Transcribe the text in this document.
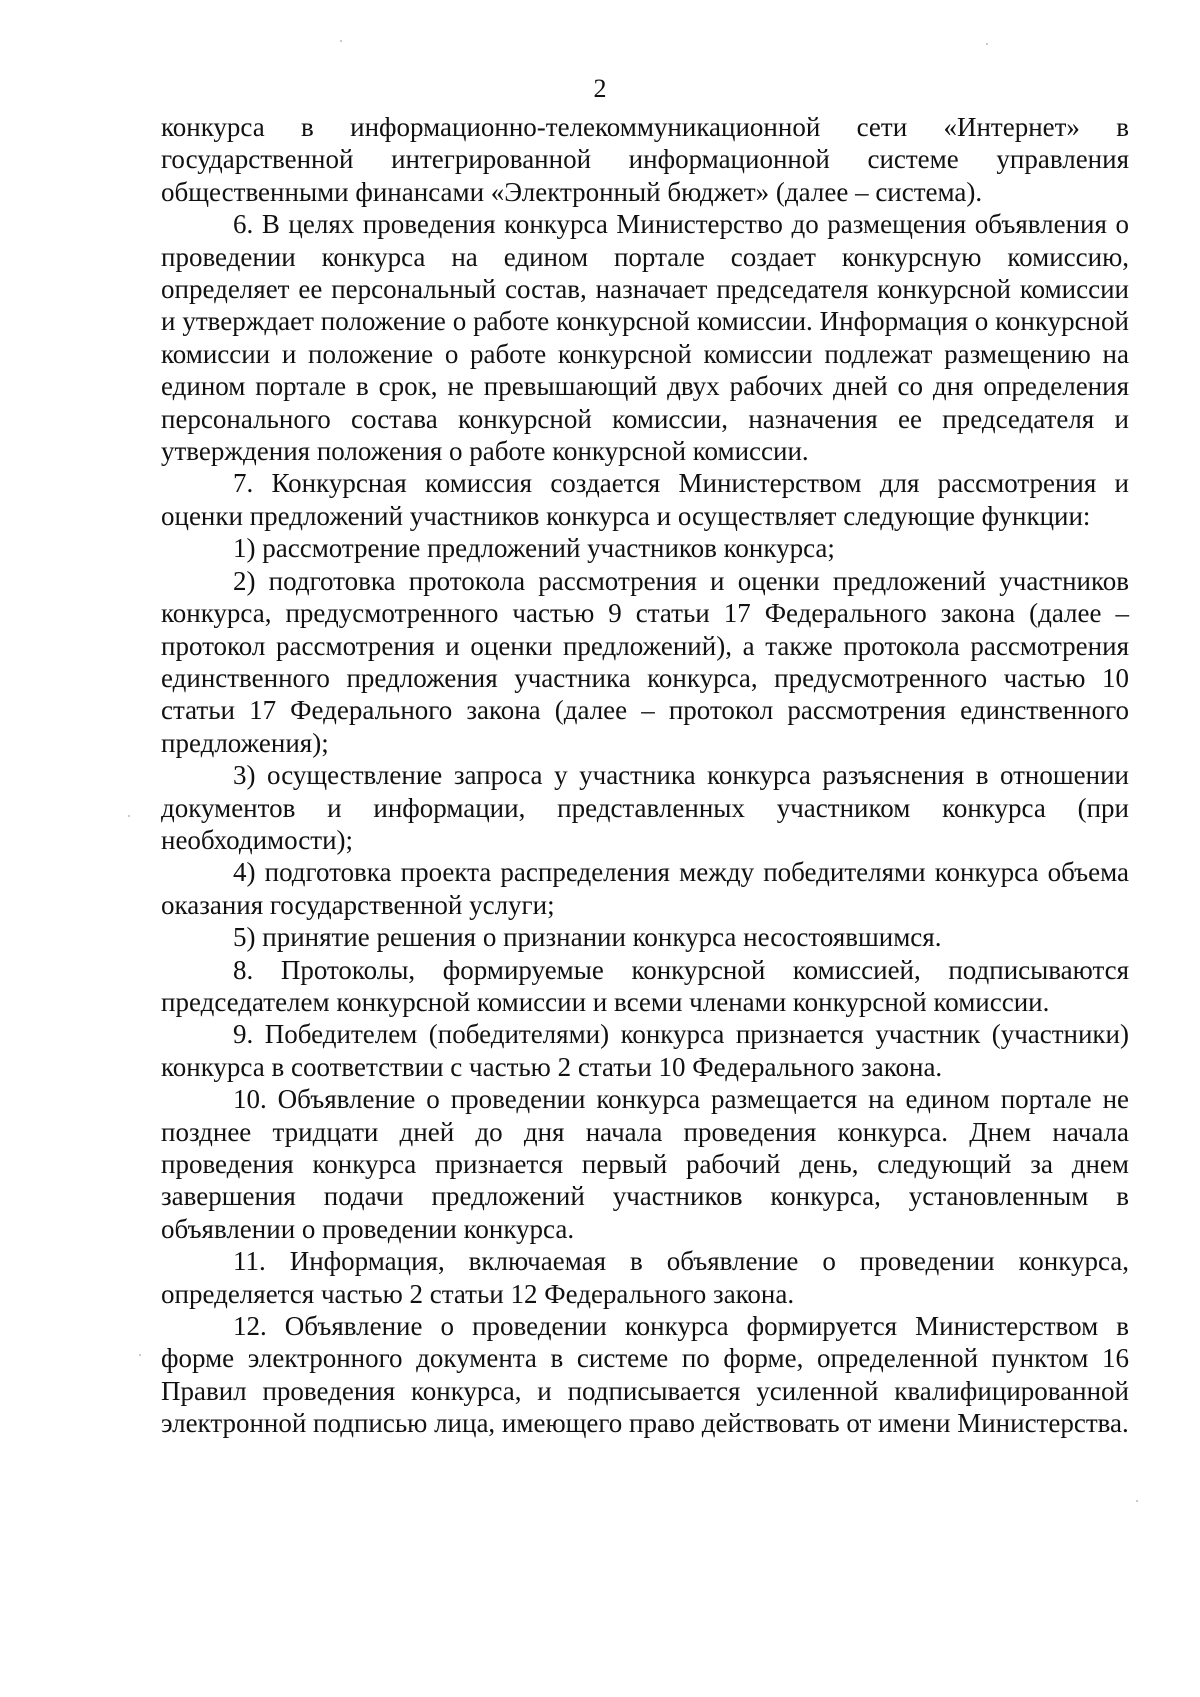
2

конкурса в информационно-телекоммуникационной сети «Интернет» в государственной интегрированной информационной системе управления общественными финансами «Электронный бюджет» (далее – система).

6. В целях проведения конкурса Министерство до размещения объявления о проведении конкурса на едином портале создает конкурсную комиссию, определяет ее персональный состав, назначает председателя конкурсной комиссии и утверждает положение о работе конкурсной комиссии. Информация о конкурсной комиссии и положение о работе конкурсной комиссии подлежат размещению на едином портале в срок, не превышающий двух рабочих дней со дня определения персонального состава конкурсной комиссии, назначения ее председателя и утверждения положения о работе конкурсной комиссии.

7. Конкурсная комиссия создается Министерством для рассмотрения и оценки предложений участников конкурса и осуществляет следующие функции:

1) рассмотрение предложений участников конкурса;

2) подготовка протокола рассмотрения и оценки предложений участников конкурса, предусмотренного частью 9 статьи 17 Федерального закона (далее – протокол рассмотрения и оценки предложений), а также протокола рассмотрения единственного предложения участника конкурса, предусмотренного частью 10 статьи 17 Федерального закона (далее – протокол рассмотрения единственного предложения);

3) осуществление запроса у участника конкурса разъяснения в отношении документов и информации, представленных участником конкурса (при необходимости);

4) подготовка проекта распределения между победителями конкурса объема оказания государственной услуги;

5) принятие решения о признании конкурса несостоявшимся.

8. Протоколы, формируемые конкурсной комиссией, подписываются председателем конкурсной комиссии и всеми членами конкурсной комиссии.

9. Победителем (победителями) конкурса признается участник (участники) конкурса в соответствии с частью 2 статьи 10 Федерального закона.

10. Объявление о проведении конкурса размещается на едином портале не позднее тридцати дней до дня начала проведения конкурса. Днем начала проведения конкурса признается первый рабочий день, следующий за днем завершения подачи предложений участников конкурса, установленным в объявлении о проведении конкурса.

11. Информация, включаемая в объявление о проведении конкурса, определяется частью 2 статьи 12 Федерального закона.

12. Объявление о проведении конкурса формируется Министерством в форме электронного документа в системе по форме, определенной пунктом 16 Правил проведения конкурса, и подписывается усиленной квалифицированной электронной подписью лица, имеющего право действовать от имени Министерства.
